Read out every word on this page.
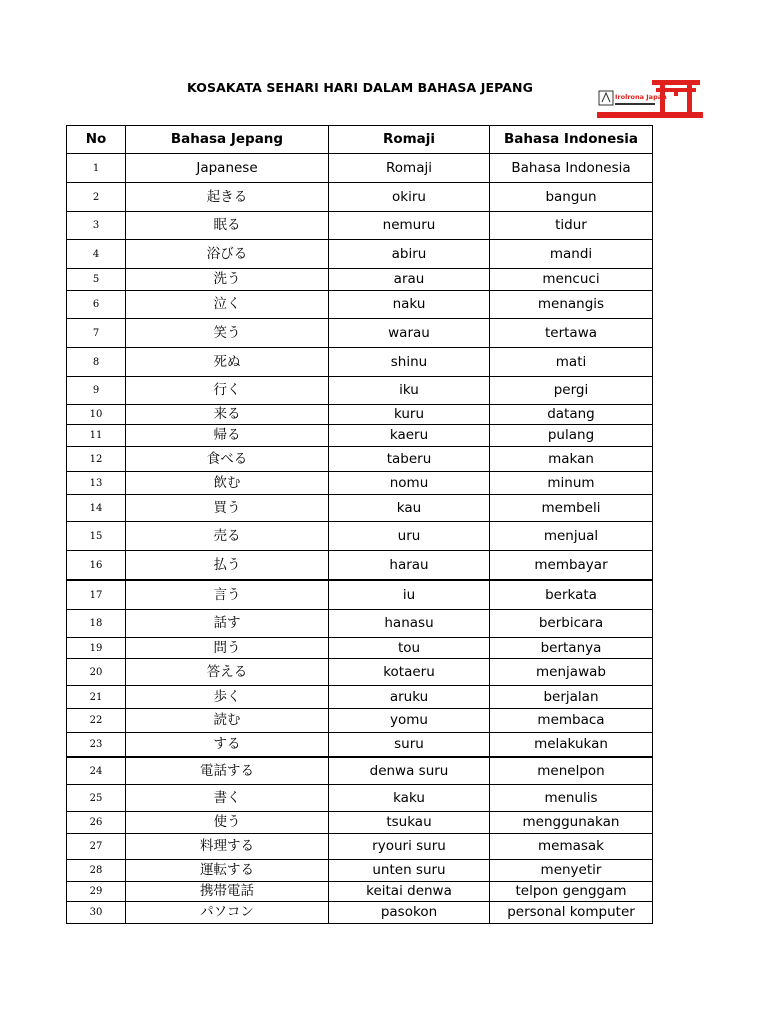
KOSAKATA SEHARI HARI DALAM BAHASA JEPANG
Irolrona Japan
No	Bahasa Jepang	Romaji	Bahasa Indonesia
1	Japanese	Romaji	Bahasa Indonesia
2	起きる	okiru	bangun
3	眠る	nemuru	tidur
4	浴びる	abiru	mandi
5	洗う	arau	mencuci
6	泣く	naku	menangis
7	笑う	warau	tertawa
8	死ぬ	shinu	mati
9	行く	iku	pergi
10	来る	kuru	datang
11	帰る	kaeru	pulang
12	食べる	taberu	makan
13	飲む	nomu	minum
14	買う	kau	membeli
15	売る	uru	menjual
16	払う	harau	membayar
17	言う	iu	berkata
18	話す	hanasu	berbicara
19	問う	tou	bertanya
20	答える	kotaeru	menjawab
21	歩く	aruku	berjalan
22	読む	yomu	membaca
23	する	suru	melakukan
24	電話する	denwa suru	menelpon
25	書く	kaku	menulis
26	使う	tsukau	menggunakan
27	料理する	ryouri suru	memasak
28	運転する	unten suru	menyetir
29	携帯電話	keitai denwa	telpon genggam
30	パソコン	pasokon	personal komputer
